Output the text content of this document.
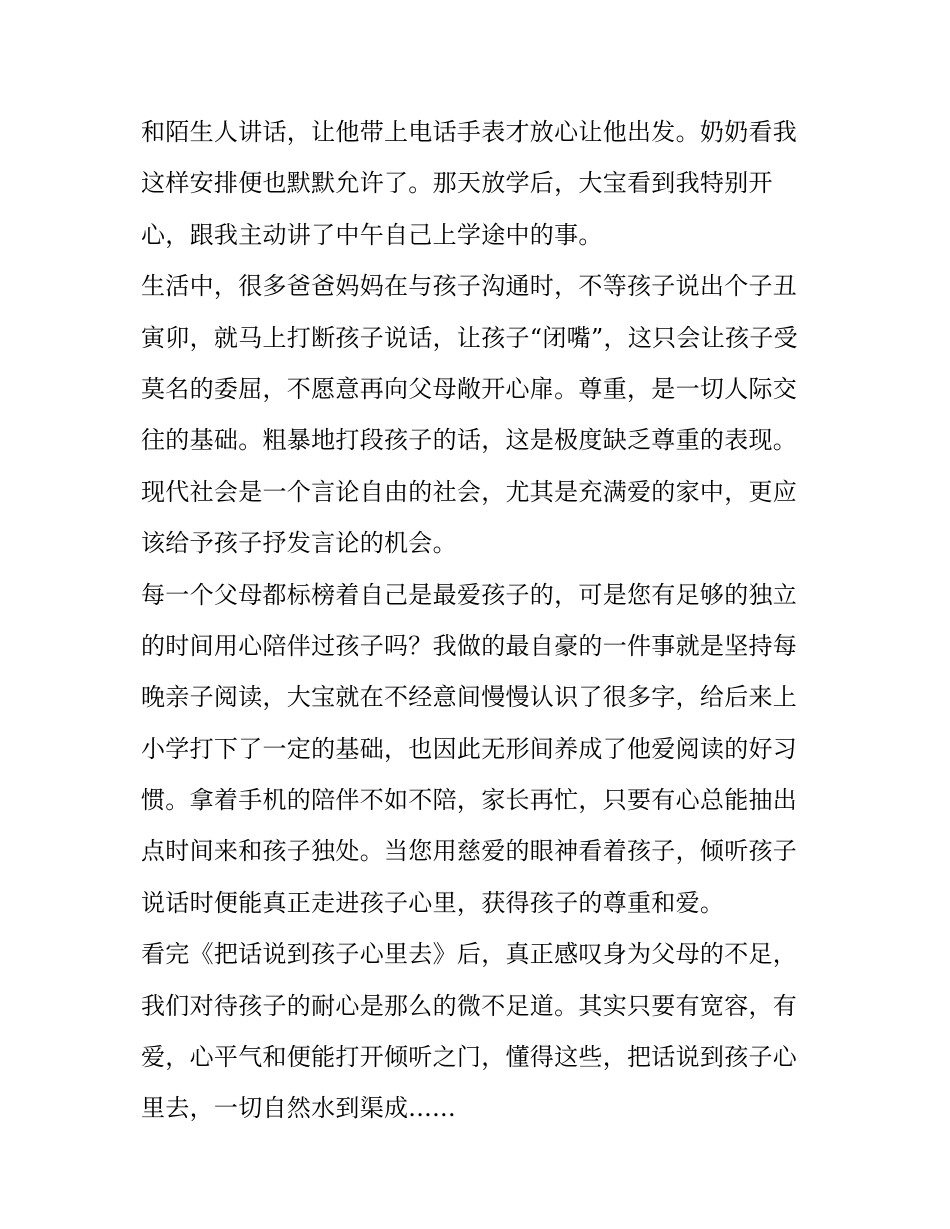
和陌生人讲话，让他带上电话手表才放心让他出发。奶奶看我
这样安排便也默默允许了。那天放学后，大宝看到我特别开
心，跟我主动讲了中午自己上学途中的事。
生活中，很多爸爸妈妈在与孩子沟通时，不等孩子说出个子丑
寅卯，就马上打断孩子说话，让孩子“闭嘴”，这只会让孩子受
莫名的委屈，不愿意再向父母敞开心扉。尊重，是一切人际交
往的基础。粗暴地打段孩子的话，这是极度缺乏尊重的表现。
现代社会是一个言论自由的社会，尤其是充满爱的家中，更应
该给予孩子抒发言论的机会。
每一个父母都标榜着自己是最爱孩子的，可是您有足够的独立
的时间用心陪伴过孩子吗？我做的最自豪的一件事就是坚持每
晚亲子阅读，大宝就在不经意间慢慢认识了很多字，给后来上
小学打下了一定的基础，也因此无形间养成了他爱阅读的好习
惯。拿着手机的陪伴不如不陪，家长再忙，只要有心总能抽出
点时间来和孩子独处。当您用慈爱的眼神看着孩子，倾听孩子
说话时便能真正走进孩子心里，获得孩子的尊重和爱。
看完《把话说到孩子心里去》后，真正感叹身为父母的不足，
我们对待孩子的耐心是那么的微不足道。其实只要有宽容，有
爱，心平气和便能打开倾听之门，懂得这些，把话说到孩子心
里去，一切自然水到渠成......
